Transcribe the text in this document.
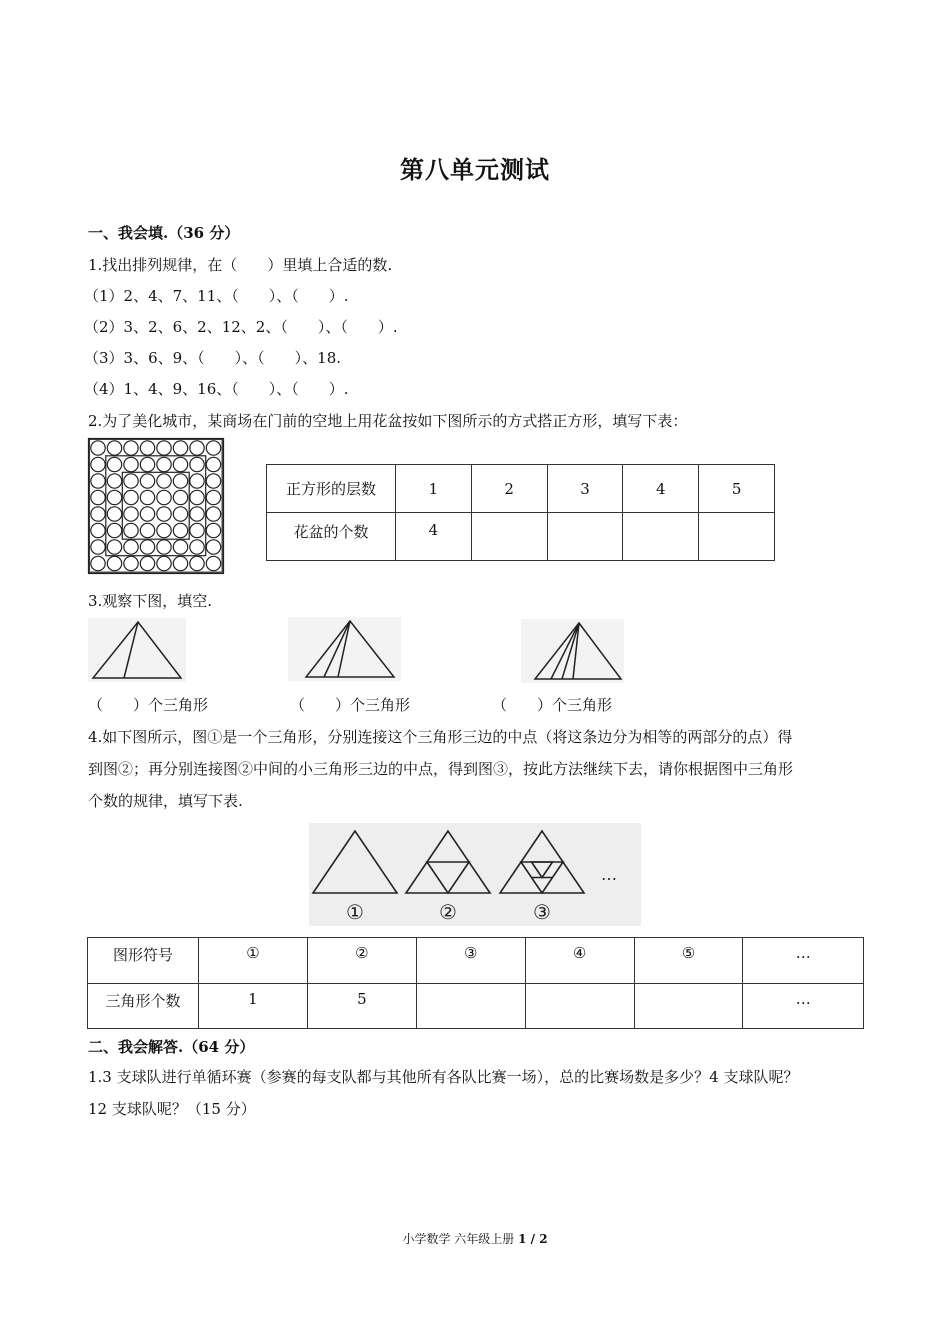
第八单元测试
一、我会填.（36 分）
1.找出排列规律，在（　　）里填上合适的数.
（1）2、4、7、11、（　　）、（　　）.
（2）3、2、6、2、12、2、（　　）、（　　）.
（3）3、6、9、（　　）、（　　）、18.
（4）1、4、9、16、（　　）、（　　）.
2.为了美化城市，某商场在门前的空地上用花盆按如下图所示的方式搭正方形，填写下表：
正方形的层数	1	2	3	4	5
花盆的个数	4				
3.观察下图，填空.
（　　）个三角形	（　　）个三角形	（　　）个三角形
4.如下图所示，图①是一个三角形，分别连接这个三角形三边的中点（将这条边分为相等的两部分的点）得
到图②；再分别连接图②中间的小三角形三边的中点，得到图③，按此方法继续下去，请你根据图中三角形
个数的规律，填写下表.
…
①	②	③
图形符号	①	②	③	④	⑤	…
三角形个数	1	5				…
二、我会解答.（64 分）
1.3 支球队进行单循环赛（参赛的每支队都与其他所有各队比赛一场），总的比赛场数是多少？4 支球队呢？
12 支球队呢？（15 分）
小学数学 六年级上册 1 / 2
